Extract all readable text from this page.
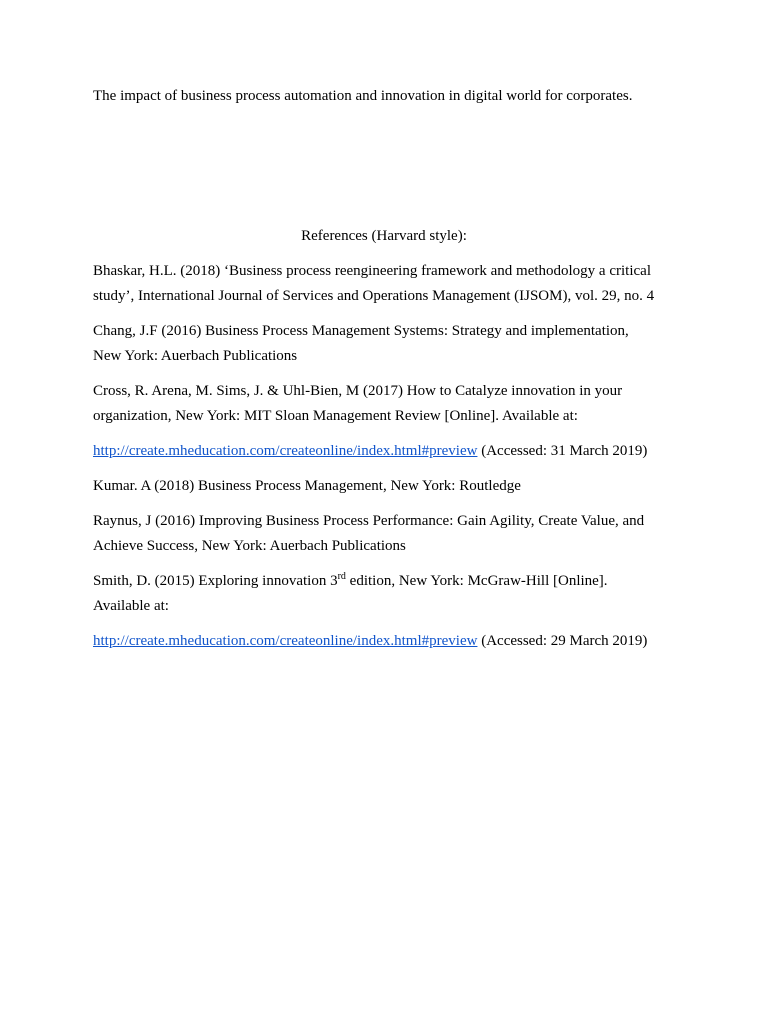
The impact of business process automation and innovation in digital world for corporates.
References (Harvard style):
Bhaskar, H.L. (2018) ‘Business process reengineering framework and methodology a critical
study’, International Journal of Services and Operations Management (IJSOM), vol. 29, no. 4
Chang, J.F (2016) Business Process Management Systems: Strategy and implementation,
New York: Auerbach Publications
Cross, R. Arena, M. Sims, J. & Uhl-Bien, M (2017) How to Catalyze innovation in your
organization, New York: MIT Sloan Management Review [Online]. Available at:
http://create.mheducation.com/createonline/index.html#preview (Accessed: 31 March 2019)
Kumar. A (2018) Business Process Management, New York: Routledge
Raynus, J (2016) Improving Business Process Performance: Gain Agility, Create Value, and
Achieve Success, New York: Auerbach Publications
Smith, D. (2015) Exploring innovation 3rd edition, New York: McGraw-Hill [Online].
Available at:
http://create.mheducation.com/createonline/index.html#preview (Accessed: 29 March 2019)
